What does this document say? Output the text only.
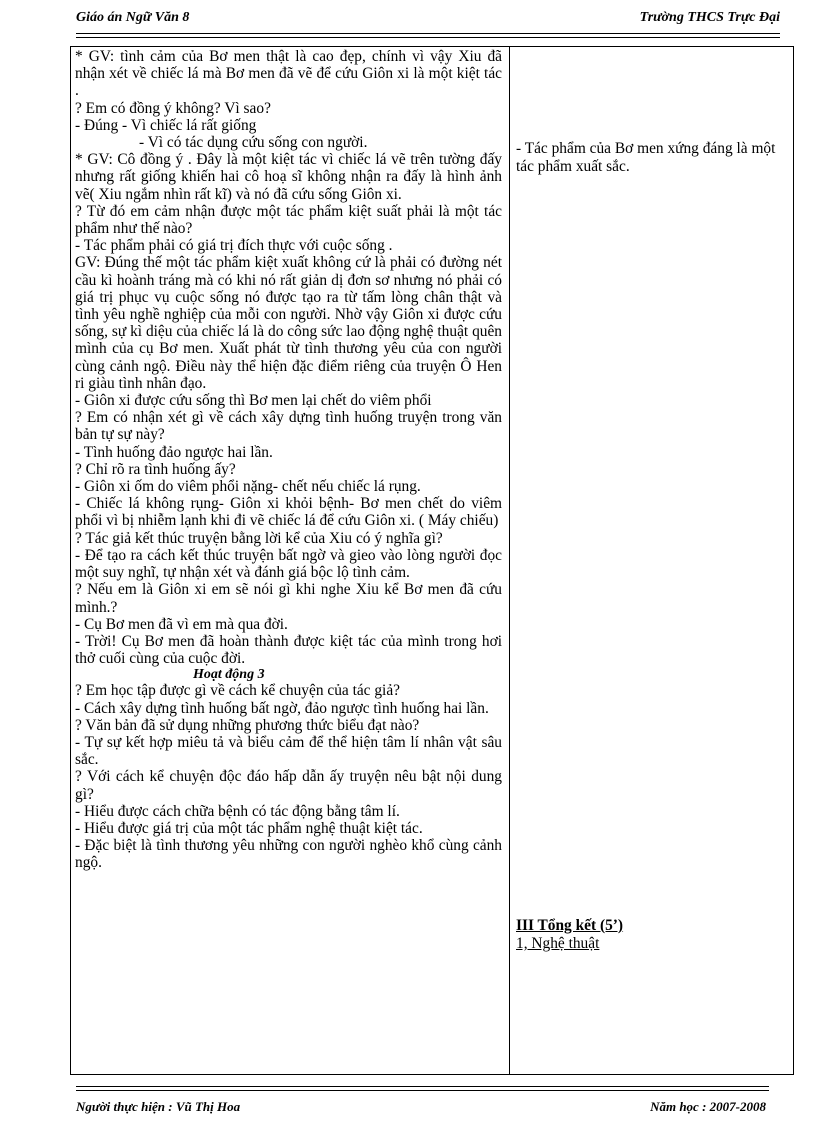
Giáo án Ngữ Văn 8	Trường THCS Trực Đại
* GV: tình cảm của Bơ men thật là cao đẹp, chính vì vậy Xiu đã nhận xét về chiếc lá mà Bơ men đã vẽ để cứu Giôn xi là một kiệt tác .
? Em có đồng ý không? Vì sao?
- Đúng - Vì chiếc lá rất giống
- Vì có tác dụng cứu sống con người.
* GV: Cô đồng ý . Đây là một kiệt tác vì chiếc lá vẽ trên tường đấy nhưng rất giống khiến hai cô hoạ sĩ không nhận ra đấy là hình ảnh vẽ( Xiu ngắm nhìn rất kĩ) và nó đã cứu sống Giôn xi.
? Từ đó em cảm nhận được một tác phẩm kiệt suất phải là một tác phẩm như thế nào?
- Tác phẩm phải có giá trị đích thực với cuộc sống .
GV: Đúng thế một tác phẩm kiệt xuất không cứ là phải có đường nét cầu kì hoành tráng mà có khi nó rất giản dị đơn sơ nhưng nó phải có giá trị phục vụ cuộc sống nó được tạo ra từ tấm lòng chân thật và tình yêu nghề nghiệp của mỗi con người. Nhờ vậy Giôn xi được cứu sống, sự kì diệu của chiếc lá là do công sức lao động nghệ thuật quên mình của cụ Bơ men. Xuất phát từ tình thương yêu của con người cùng cảnh ngộ. Điều này thể hiện đặc điểm riêng của truyện Ô Hen ri giàu tình nhân đạo.
- Giôn xi được cứu sống thì Bơ men lại chết do viêm phổi
? Em có nhận xét gì về cách xây dựng tình huống truyện trong văn bản tự sự này?
- Tình huống đảo ngược hai lần.
? Chỉ rõ ra tình huống ấy?
- Giôn xi ốm do viêm phổi nặng- chết nếu chiếc lá rụng.
- Chiếc lá không rụng- Giôn xi khỏi bệnh- Bơ men chết do viêm phổi vì bị nhiễm lạnh khi đi vẽ chiếc lá để cứu Giôn xi. ( Máy chiếu)
? Tác giả kết thúc truyện bằng lời kể của Xiu có ý nghĩa gì?
- Để tạo ra cách kết thúc truyện bất ngờ và gieo vào lòng người đọc một suy nghĩ, tự nhận xét và đánh giá bộc lộ tình cảm.
? Nếu em là Giôn xi em sẽ nói gì khi nghe Xiu kể Bơ men đã cứu mình.?
- Cụ Bơ men đã vì em mà qua đời.
- Trời! Cụ Bơ men đã hoàn thành được kiệt tác của mình trong hơi thở cuối cùng của cuộc đời.
Hoạt động 3
? Em học tập được gì về cách kể chuyện của tác giả?
- Cách xây dựng tình huống bất ngờ, đảo ngược tình huống hai lần.
? Văn bản đã sử dụng những phương thức biểu đạt nào?
- Tự sự kết hợp miêu tả và biểu cảm để thể hiện tâm lí nhân vật sâu sắc.
? Với cách kể chuyện độc đáo hấp dẫn ấy truyện nêu bật nội dung gì?
- Hiểu được cách chữa bệnh có tác động bằng tâm lí.
- Hiểu được giá trị của một tác phẩm nghệ thuật kiệt tác.
- Đặc biệt là tình thương yêu những con người nghèo khổ cùng cảnh ngộ.
- Tác phẩm của Bơ men xứng đáng là một tác phẩm xuất sắc.
III Tổng kết (5’)
1, Nghệ thuật
Người thực hiện : Vũ Thị Hoa	Năm học : 2007-2008
